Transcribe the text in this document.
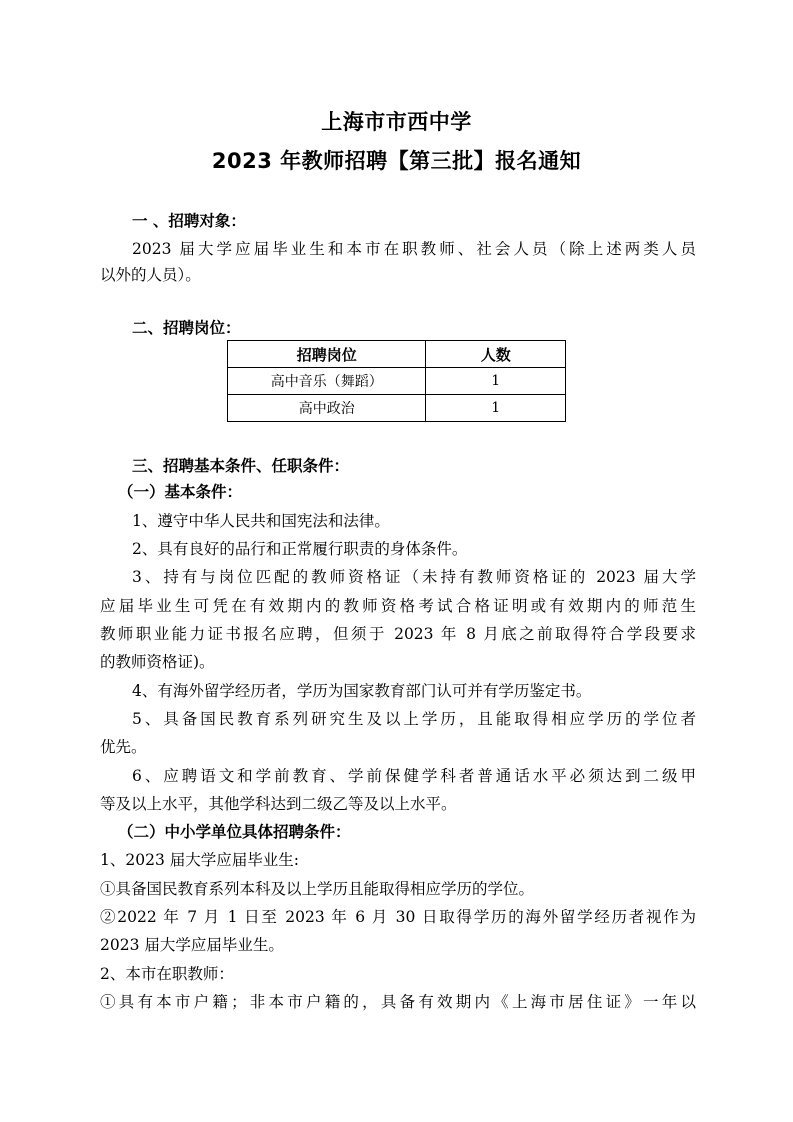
上海市市西中学
2023 年教师招聘【第三批】报名通知
一 、招聘对象：
2023 届大学应届毕业生和本市在职教师、社会人员（除上述两类人员
以外的人员）。
二、招聘岗位：
招聘岗位	人数
高中音乐（舞蹈）	1
高中政治	1
三、招聘基本条件、任职条件：
（一）基本条件：
1、遵守中华人民共和国宪法和法律。
2、具有良好的品行和正常履行职责的身体条件。
3、持有与岗位匹配的教师资格证（未持有教师资格证的 2023 届大学
应届毕业生可凭在有效期内的教师资格考试合格证明或有效期内的师范生
教师职业能力证书报名应聘，但须于 2023 年 8 月底之前取得符合学段要求
的教师资格证)。
4、有海外留学经历者，学历为国家教育部门认可并有学历鉴定书。
5、具备国民教育系列研究生及以上学历，且能取得相应学历的学位者
优先。
6、应聘语文和学前教育、学前保健学科者普通话水平必须达到二级甲
等及以上水平，其他学科达到二级乙等及以上水平。
（二）中小学单位具体招聘条件：
1、2023 届大学应届毕业生:
①具备国民教育系列本科及以上学历且能取得相应学历的学位。
②2022 年 7 月 1 日至 2023 年 6 月 30 日取得学历的海外留学经历者视作为
2023 届大学应届毕业生。
2、本市在职教师：
①具有本市户籍；非本市户籍的，具备有效期内《上海市居住证》一年以
